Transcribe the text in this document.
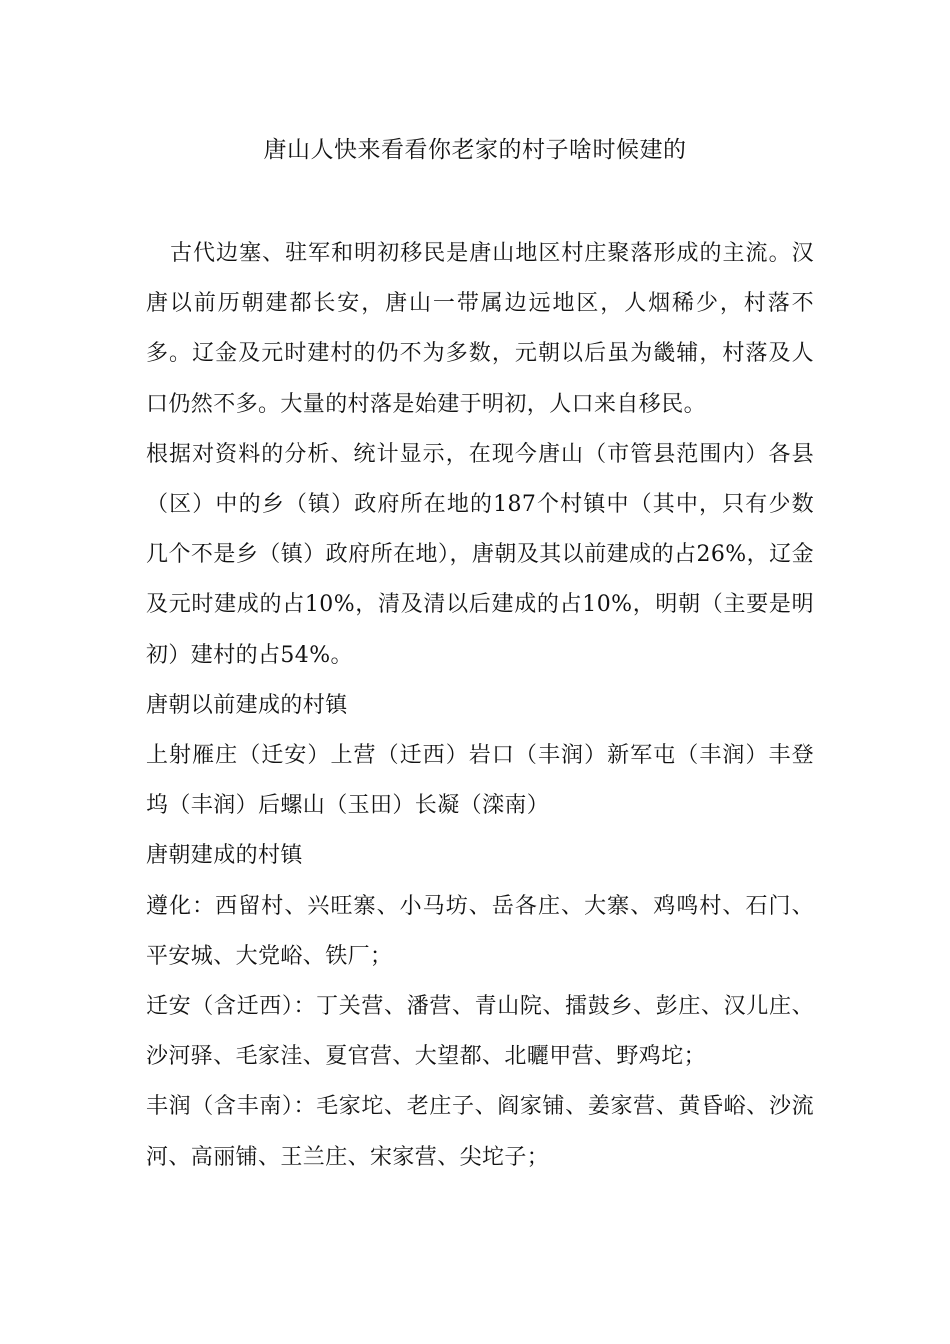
唐山人快来看看你老家的村子啥时候建的

古代边塞、驻军和明初移民是唐山地区村庄聚落形成的主流。汉唐以前历朝建都长安，唐山一带属边远地区，人烟稀少，村落不多。辽金及元时建村的仍不为多数，元朝以后虽为畿辅，村落及人口仍然不多。大量的村落是始建于明初，人口来自移民。

根据对资料的分析、统计显示，在现今唐山（市管县范围内）各县（区）中的乡（镇）政府所在地的187个村镇中（其中，只有少数几个不是乡（镇）政府所在地），唐朝及其以前建成的占26%，辽金及元时建成的占10%，清及清以后建成的占10%，明朝（主要是明初）建村的占54%。

唐朝以前建成的村镇

上射雁庄（迁安）上营（迁西）岩口（丰润）新军屯（丰润）丰登坞（丰润）后螺山（玉田）长凝（滦南）

唐朝建成的村镇

遵化：西留村、兴旺寨、小马坊、岳各庄、大寨、鸡鸣村、石门、平安城、大党峪、铁厂；

迁安（含迁西）：丁关营、潘营、青山院、擂鼓乡、彭庄、汉儿庄、沙河驿、毛家洼、夏官营、大望都、北曬甲营、野鸡坨；

丰润（含丰南）：毛家坨、老庄子、阎家铺、姜家营、黄昏峪、沙流河、高丽铺、王兰庄、宋家营、尖坨子；
